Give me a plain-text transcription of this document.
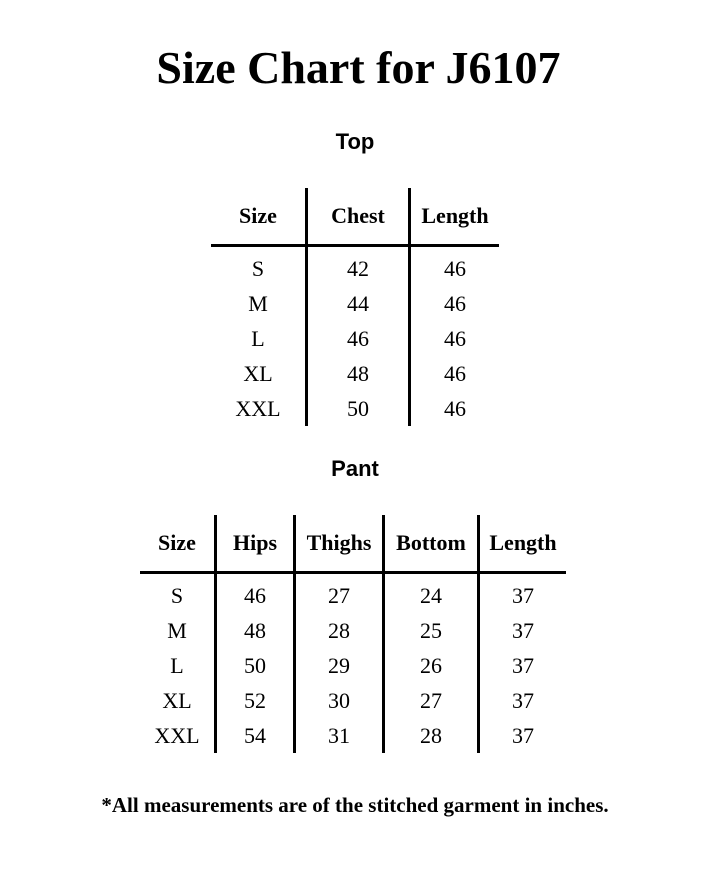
Size Chart for J6107
Top
Size	Chest	Length
S	42	46
M	44	46
L	46	46
XL	48	46
XXL	50	46
Pant
Size	Hips	Thighs	Bottom	Length
S	46	27	24	37
M	48	28	25	37
L	50	29	26	37
XL	52	30	27	37
XXL	54	31	28	37
*All measurements are of the stitched garment in inches.
